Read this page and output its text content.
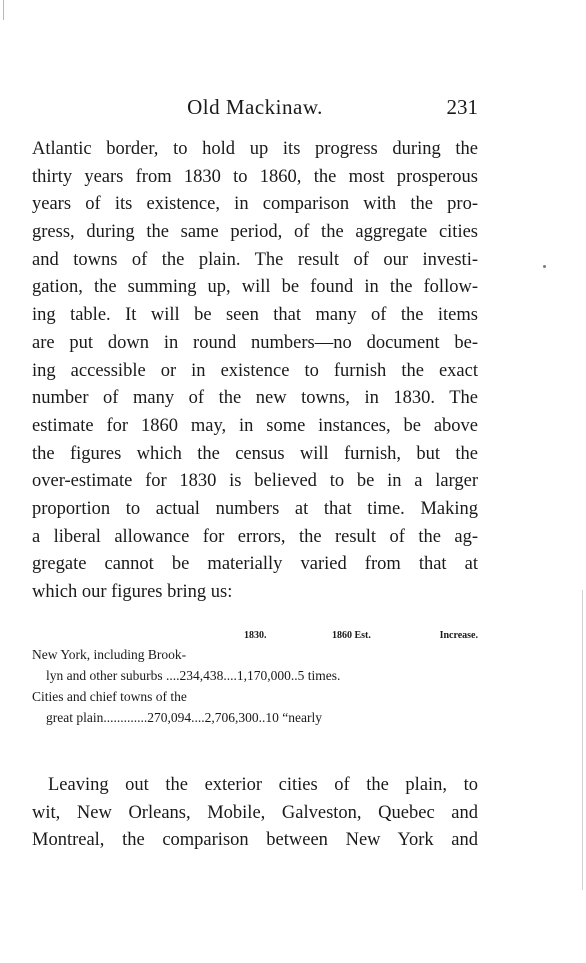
Old Mackinaw.	231
Atlantic border, to hold up its progress during the
thirty years from 1830 to 1860, the most prosperous
years of its existence, in comparison with the pro-
gress, during the same period, of the aggregate cities
and towns of the plain. The result of our investi-
gation, the summing up, will be found in the follow-
ing table. It will be seen that many of the items
are put down in round numbers—no document be-
ing accessible or in existence to furnish the exact
number of many of the new towns, in 1830. The
estimate for 1860 may, in some instances, be above
the figures which the census will furnish, but the
over-estimate for 1830 is believed to be in a larger
proportion to actual numbers at that time. Making
a liberal allowance for errors, the result of the ag-
gregate cannot be materially varied from that at
which our figures bring us:
1830.	1860 Est.	Increase.
New York, including Brook-
lyn and other suburbs ....234,438....1,170,000..5 times.
Cities and chief towns of the
great plain.............270,094....2,706,300..10 “nearly
Leaving out the exterior cities of the plain, to
wit, New Orleans, Mobile, Galveston, Quebec and
Montreal, the comparison between New York and
